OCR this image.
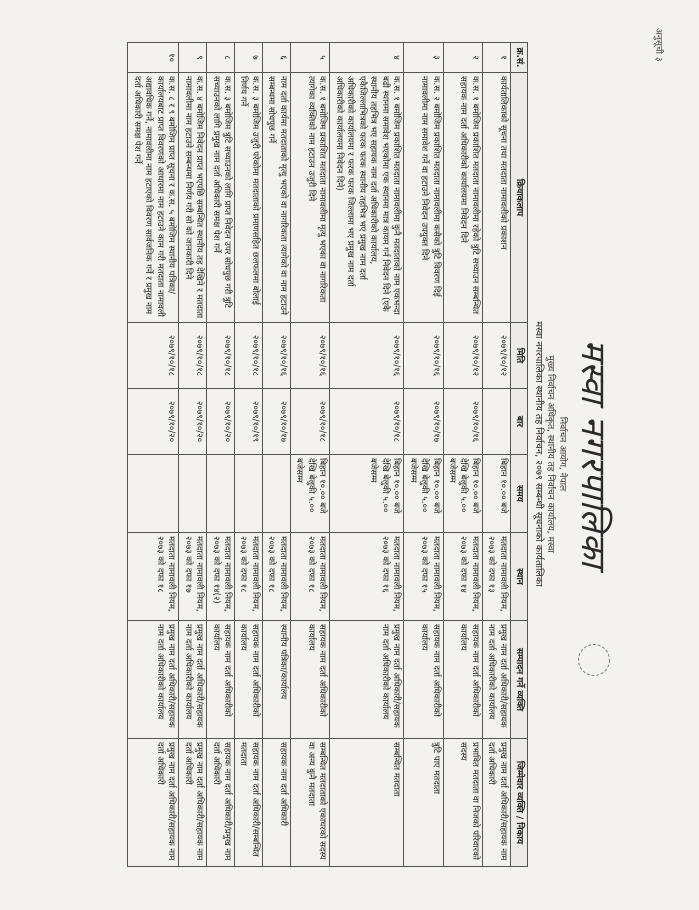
अनुसूची ३
मस्वा नगरपालिका
निर्वाचन आयोग, नेपाल
मुख्य निर्वाचन अधिकृत, स्थानीय तह निर्वाचन कार्यालय, मस्वा
मस्वा नगरपालिका स्थानीय तह निर्वाचन, २०७९ सम्बन्धी सूचनाको कार्यतालिका
क्र.सं.	क्रियाकलाप	मिति	बार	समय	स्थान	सम्पादन गर्ने व्यक्ति	जिम्मेवार व्यक्ति / निकाय
१	कार्यतालिकाको सूचना तथा मतदाता नामावलीको प्रकाशन	२०७९/१०/१२		बिहान १०.०० बजे	मतदाता नामावली नियम, २०७३ को दफा १३	प्रमुख नाम दर्ता अधिकारी/सहायक नाम दर्ता अधिकारीको कार्यालय	प्रमुख नाम दर्ता अधिकारी/सहायक नाम दर्ता अधिकारी
२	क.स. १ बमोजिम प्रकाशित मतदाता नामावलीमा रहेको त्रुटि सच्याउन सम्बन्धित सहायक नाम दर्ता अधिकारीको कार्यालयमा निवेदन दिने	२०७९/१०/१२	२०७९/१०/१६	बिहान १०.०० बजे देखि बेलुकी ५.०० बजेसम्म	मतदाता नामावली नियम, २०७३ को दफा १४	सहायक नाम दर्ता अधिकारीको कार्यालय	प्रभावित मतदाता वा निजको परिवारको सदस्य
३	क.स. २ बमोजिम प्रकाशित मतदाता नामावलीमा कसैको त्रुटि विवरण दिई नामावलीमा नाम समावेश गर्ने वा हटाउने निवेदन उपयुक्त दिने	२०७९/१०/१६	२०७९/१०/१७	बिहान १०.०० बजे देखि बेलुकी ५.०० बजेसम्म	मतदाता नामावली नियम, २०७३ को दफा १५	सहायक नाम दर्ता अधिकारीको कार्यालय	त्रुटि पाए मतदाता
४	क.स. १ बमोजिम प्रकाशित मतदाता नामावलीमा कुनै मतदाताको नाम एकभन्दा बढी स्थानमा समावेश भएकोमा एक स्थानमा मात्र कायम गर्न निवेदन दिने (एकै स्थानीय तहभित्र भए सहायक नाम दर्ता अधिकारीको कार्यालय, एकैजिल्लाभित्रको फरक फरक स्थानीय तहभित्र भए प्रमुख नाम दर्ता अधिकारीको कार्यालयमा र फरक फरक जिल्लामा भए प्रमुख नाम दर्ता अधिकारीको कार्यालयमा निवेदन दिने)	२०७९/१०/१६	२०७९/१०/१८	बिहान १०.०० बजे देखि बेलुकी ५.०० बजेसम्म	मतदाता नामावली नियम, २०७३ को दफा १६	प्रमुख नाम दर्ता अधिकारी/सहायक नाम दर्ता अधिकारीको कार्यालय	सम्बन्धित मतदाता
५	क.स. १ बमोजिम प्रकाशित मतदाता नामावलीमा मृत्यु भएका वा नागरिकता त्यागेका व्यक्तिको नाम हटाउन उजुरी दिने	२०७९/१०/१६	२०७९/१०/१८	बिहान १०.०० बजे देखि बेलुकी ५.०० बजेसम्म	मतदाता नामावली नियम, २०७३ को दफा १८	सहायक नाम दर्ता अधिकारीको कार्यालय	सम्बन्धित मतदाताको एकाघरको सदस्य वा अन्य कुनै मतदाता
६	नाम दर्ता कार्यमा मतदाताको मृत्यु भएको वा नागरिकता त्यागेको वा नाम हटाउने सम्बन्धमा सोधपुछ गर्ने	२०७९/१०/१६	२०७९/१०/१७		मतदाता नामावली नियम, २०७३ को दफा १८	स्थानीय पत्रिका/कार्यालय	सहायक नाम दर्ता अधिकारी
७	क.स. ३ बमोजिम उजुरी परेकोमा मतदाताको प्रमाणसहित छलफलमा बोलाई निर्णय गर्ने	२०७९/१०/१८	२०७९/१०/१९		मतदाता नामावली नियम, २०७३ को दफा १८	सहायक नाम दर्ता अधिकारीको कार्यालय	सहायक नाम दर्ता अधिकारी/सम्बन्धित मतदाता
८	क.स. ३ बमोजिम त्रुटि सच्याउनको लागि प्राप्त निवेदन उपर सोधपुछ गरी त्रुटि सच्याउनको लागि प्रमुख नाम दर्ता अधिकारी समक्ष पेश गर्ने	२०७९/१०/१८	२०७९/१०/२०		मतदाता नामावली नियम, २०७३ को दफा १४(२)	सहायक नाम दर्ता अधिकारीको कार्यालय	सहायक नाम दर्ता अधिकारी/प्रमुख नाम दर्ता अधिकारी
९	क.स. ४ बमोजिम निवेदन प्राप्त भएपछि सम्बन्धित स्थानीय तह देखिने र मतदाता नामावलीमा नाम हटाउने सम्बन्धमा निर्णय गरी सो को जानकारी दिने	२०७९/१०/१८	२०७९/१०/२०		मतदाता नामावली नियम, २०७३ को दफा १७	प्रमुख नाम दर्ता अधिकारी/सहायक नाम दर्ता अधिकारीको कार्यालय	प्रमुख नाम दर्ता अधिकारी/सहायक नाम दर्ता अधिकारी
१०	क.स. ८ र ९ बमोजिम प्राप्त सूचना र क.स. ५ बमोजिम स्थानीय पत्रिका/कार्यालयबाट प्राप्त विवरणको आधारमा नाम हटाउने काम गरी मतदाता नामावली अद्यावधिक गर्ने, नामावलीमा नाम हटाएको विवरण सार्वजनिक गर्ने र प्रमुख नाम दर्ता अधिकारी समक्ष पेश गर्ने	२०७९/१०/१८	२०७९/१०/२०		मतदाता नामावली नियम, २०७३ को दफा १८	प्रमुख नाम दर्ता अधिकारी/सहायक नाम दर्ता अधिकारीको कार्यालय	प्रमुख नाम दर्ता अधिकारी/सहायक नाम दर्ता अधिकारी
